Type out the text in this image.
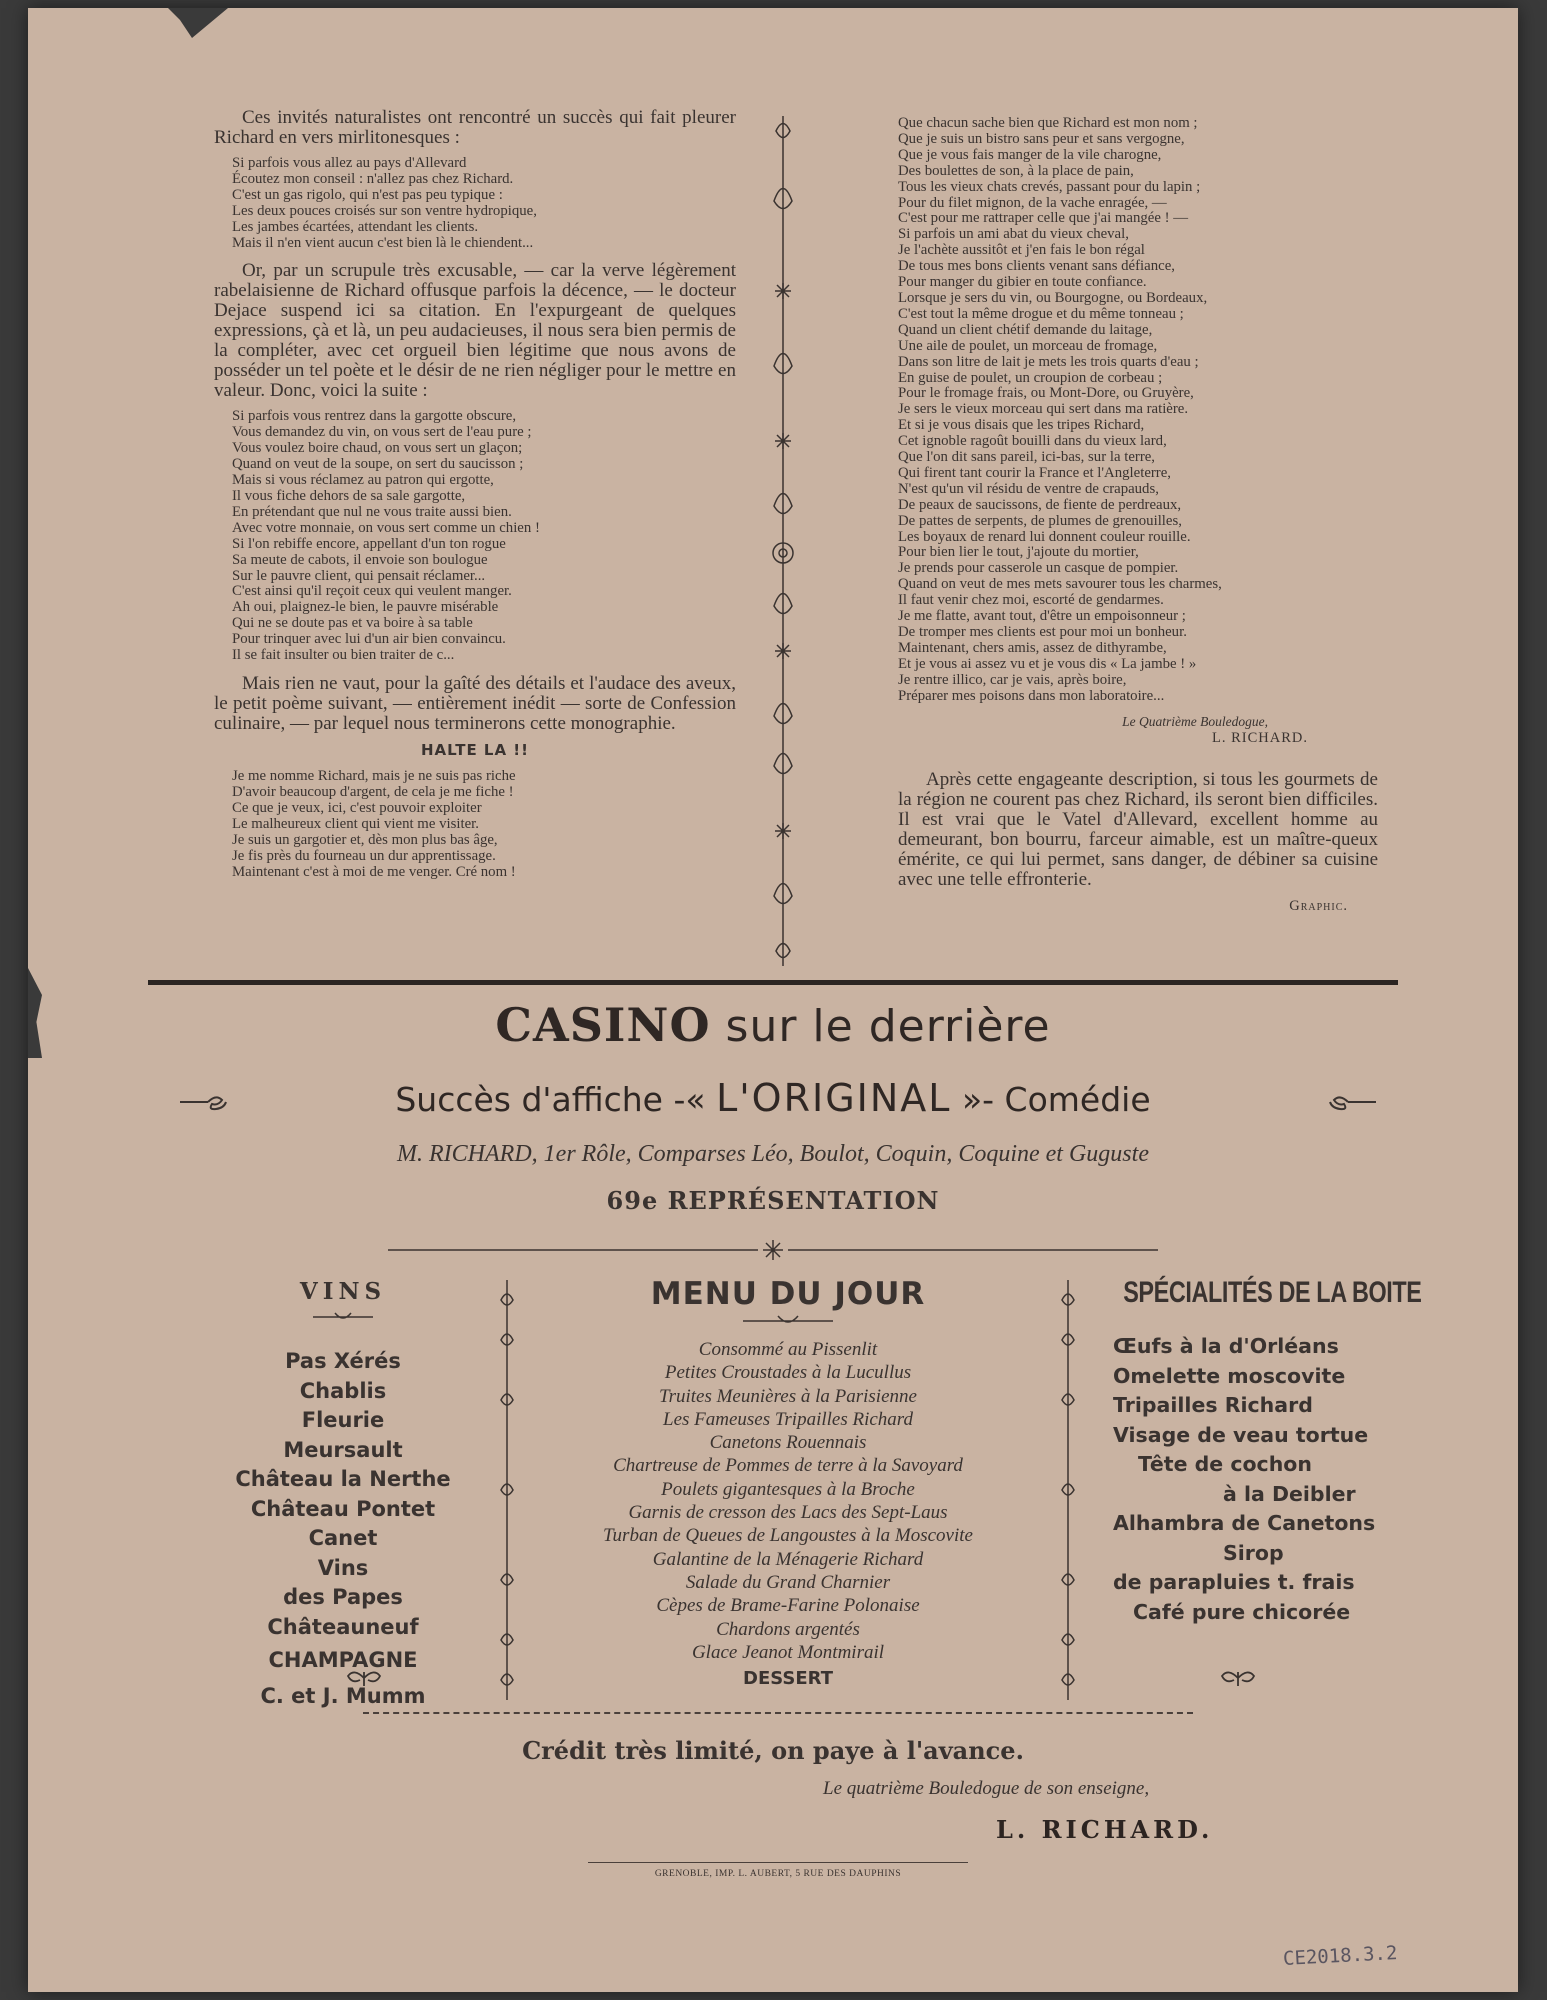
Ces invités naturalistes ont rencontré un succès qui fait pleurer Richard en vers mirlitonesques :

Si parfois vous allez au pays d'Allevard
Écoutez mon conseil : n'allez pas chez Richard.
C'est un gas rigolo, qui n'est pas peu typique :
Les deux pouces croisés sur son ventre hydropique,
Les jambes écartées, attendant les clients.
Mais il n'en vient aucun c'est bien là le chiendent...

Or, par un scrupule très excusable, — car la verve légèrement rabelaisienne de Richard offusque parfois la décence, — le docteur Dejace suspend ici sa citation. En l'expurgeant de quelques expressions, çà et là, un peu audacieuses, il nous sera bien permis de la compléter, avec cet orgueil bien légitime que nous avons de posséder un tel poète et le désir de ne rien négliger pour le mettre en valeur. Donc, voici la suite :

Si parfois vous rentrez dans la gargotte obscure,
Vous demandez du vin, on vous sert de l'eau pure ;
Vous voulez boire chaud, on vous sert un glaçon;
Quand on veut de la soupe, on sert du saucisson ;
Mais si vous réclamez au patron qui ergotte,
Il vous fiche dehors de sa sale gargotte,
En prétendant que nul ne vous traite aussi bien.
Avec votre monnaie, on vous sert comme un chien !
Si l'on rebiffe encore, appellant d'un ton rogue
Sa meute de cabots, il envoie son boulogue
Sur le pauvre client, qui pensait réclamer...
C'est ainsi qu'il reçoit ceux qui veulent manger.
Ah oui, plaignez-le bien, le pauvre misérable
Qui ne se doute pas et va boire à sa table
Pour trinquer avec lui d'un air bien convaincu.
Il se fait insulter ou bien traiter de c...

Mais rien ne vaut, pour la gaîté des détails et l'audace des aveux, le petit poème suivant, — entièrement inédit — sorte de Confession culinaire, — par lequel nous terminerons cette monographie.

HALTE LA !!
Je me nomme Richard, mais je ne suis pas riche
D'avoir beaucoup d'argent, de cela je me fiche !
Ce que je veux, ici, c'est pouvoir exploiter
Le malheureux client qui vient me visiter.
Je suis un gargotier et, dès mon plus bas âge,
Je fis près du fourneau un dur apprentissage.
Maintenant c'est à moi de me venger. Cré nom !
Que chacun sache bien que Richard est mon nom ;
Que je suis un bistro sans peur et sans vergogne,
Que je vous fais manger de la vile charogne,
Des boulettes de son, à la place de pain,
Tous les vieux chats crevés, passant pour du lapin ;
Pour du filet mignon, de la vache enragée, —
C'est pour me rattraper celle que j'ai mangée ! —
Si parfois un ami abat du vieux cheval,
Je l'achète aussitôt et j'en fais le bon régal
De tous mes bons clients venant sans défiance,
Pour manger du gibier en toute confiance.
Lorsque je sers du vin, ou Bourgogne, ou Bordeaux,
C'est tout la même drogue et du même tonneau ;
Quand un client chétif demande du laitage,
Une aile de poulet, un morceau de fromage,
Dans son litre de lait je mets les trois quarts d'eau ;
En guise de poulet, un croupion de corbeau ;
Pour le fromage frais, ou Mont-Dore, ou Gruyère,
Je sers le vieux morceau qui sert dans ma ratière.
Et si je vous disais que les tripes Richard,
Cet ignoble ragoût bouilli dans du vieux lard,
Que l'on dit sans pareil, ici-bas, sur la terre,
Qui firent tant courir la France et l'Angleterre,
N'est qu'un vil résidu de ventre de crapauds,
De peaux de saucissons, de fiente de perdreaux,
De pattes de serpents, de plumes de grenouilles,
Les boyaux de renard lui donnent couleur rouille.
Pour bien lier le tout, j'ajoute du mortier,
Je prends pour casserole un casque de pompier.
Quand on veut de mes mets savourer tous les charmes,
Il faut venir chez moi, escorté de gendarmes.
Je me flatte, avant tout, d'être un empoisonneur ;
De tromper mes clients est pour moi un bonheur.
Maintenant, chers amis, assez de dithyrambe,
Et je vous ai assez vu et je vous dis « La jambe ! »
Je rentre illico, car je vais, après boire,
Préparer mes poisons dans mon laboratoire...
Le Quatrième Bouledogue,
L. RICHARD.

Après cette engageante description, si tous les gourmets de la région ne courent pas chez Richard, ils seront bien difficiles. Il est vrai que le Vatel d'Allevard, excellent homme au demeurant, bon bourru, farceur aimable, est un maître-queux émérite, ce qui lui permet, sans danger, de débiner sa cuisine avec une telle effronterie.

Graphic.
CASINO sur le derrière
Succès d'affiche -« L'ORIGINAL »- Comédie
M. RICHARD, 1er Rôle, Comparses Léo, Boulot, Coquin, Coquine et Guguste
69e REPRÉSENTATION
VINS
Pas Xérés
Chablis
Fleurie
Meursault
Château la Nerthe
Château Pontet Canet
Vins
des Papes Châteauneuf
CHAMPAGNE
C. et J. Mumm
MENU DU JOUR
Consommé au Pissenlit
Petites Croustades à la Lucullus
Truites Meunières à la Parisienne
Les Fameuses Tripailles Richard
Canetons Rouennais
Chartreuse de Pommes de terre à la Savoyard
Poulets gigantesques à la Broche
Garnis de cresson des Lacs des Sept-Laus
Turban de Queues de Langoustes à la Moscovite
Galantine de la Ménagerie Richard
Salade du Grand Charnier
Cèpes de Brame-Farine Polonaise
Chardons argentés
Glace Jeanot Montmirail
DESSERT
SPÉCIALITÉS DE LA BOITE
Œufs à la d'Orléans
Omelette moscovite
Tripailles Richard
Visage de veau tortue
Tête de cochon
à la Deibler
Alhambra de Canetons
Sirop
de parapluies t. frais
Café pure chicorée
Crédit très limité, on paye à l'avance.
Le quatrième Bouledogue de son enseigne,
L. RICHARD.
GRENOBLE, IMP. L. AUBERT, 5 RUE DES DAUPHINS
CE2018.3.2
